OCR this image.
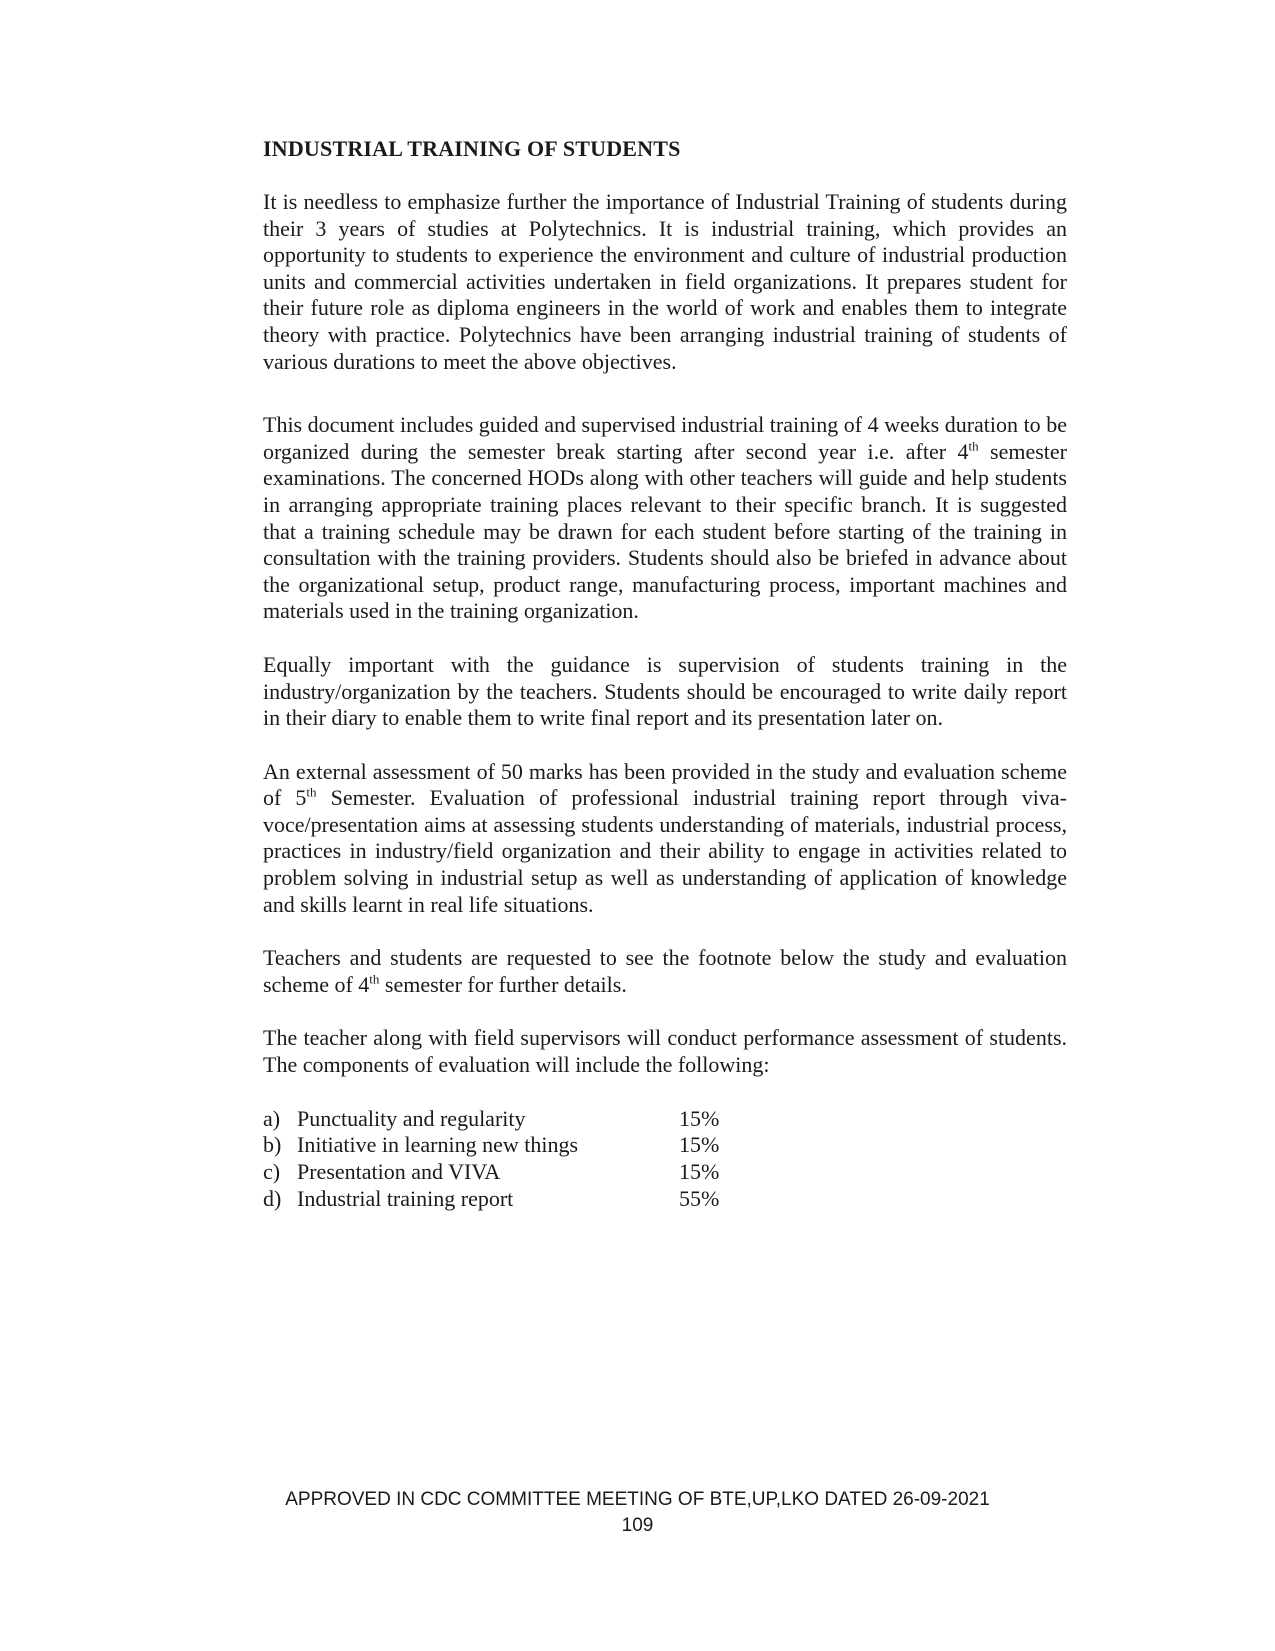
INDUSTRIAL TRAINING OF STUDENTS

It is needless to emphasize further the importance of Industrial Training of students during their 3 years of studies at Polytechnics. It is industrial training, which provides an opportunity to students to experience the environment and culture of industrial production units and commercial activities undertaken in field organizations. It prepares student for their future role as diploma engineers in the world of work and enables them to integrate theory with practice. Polytechnics have been arranging industrial training of students of various durations to meet the above objectives.

This document includes guided and supervised industrial training of 4 weeks duration to be organized during the semester break starting after second year i.e. after 4th semester examinations. The concerned HODs along with other teachers will guide and help students in arranging appropriate training places relevant to their specific branch. It is suggested that a training schedule may be drawn for each student before starting of the training in consultation with the training providers. Students should also be briefed in advance about the organizational setup, product range, manufacturing process, important machines and materials used in the training organization.

Equally important with the guidance is supervision of students training in the industry/organization by the teachers. Students should be encouraged to write daily report in their diary to enable them to write final report and its presentation later on.

An external assessment of 50 marks has been provided in the study and evaluation scheme of 5th Semester. Evaluation of professional industrial training report through viva-voce/presentation aims at assessing students understanding of materials, industrial process, practices in industry/field organization and their ability to engage in activities related to problem solving in industrial setup as well as understanding of application of knowledge and skills learnt in real life situations.

Teachers and students are requested to see the footnote below the study and evaluation scheme of 4th semester for further details.

The teacher along with field supervisors will conduct performance assessment of students. The components of evaluation will include the following:

a) Punctuality and regularity	15%
b) Initiative in learning new things	15%
c) Presentation and VIVA	15%
d) Industrial training report	55%
APPROVED IN CDC COMMITTEE MEETING OF BTE,UP,LKO DATED 26-09-2021
109
